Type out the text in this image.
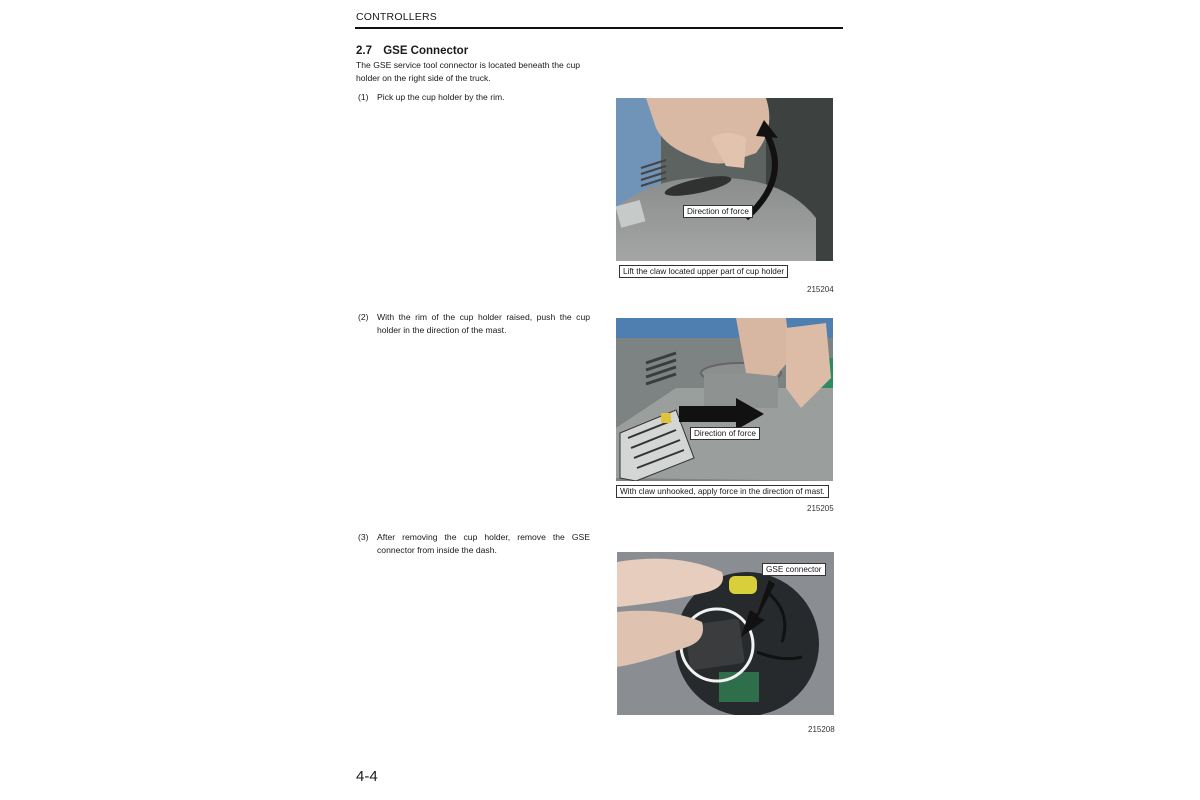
CONTROLLERS
2.7 GSE Connector
The GSE service tool connector is located beneath the cup holder on the right side of the truck.
(1) Pick up the cup holder by the rim.
Direction of force
Lift the claw located upper part of cup holder
215204
(2) With the rim of the cup holder raised, push the cup holder in the direction of the mast.
Direction of force
With claw unhooked, apply force in the direction of mast.
215205
(3) After removing the cup holder, remove the GSE connector from inside the dash.
GSE connector
215208
4-4
